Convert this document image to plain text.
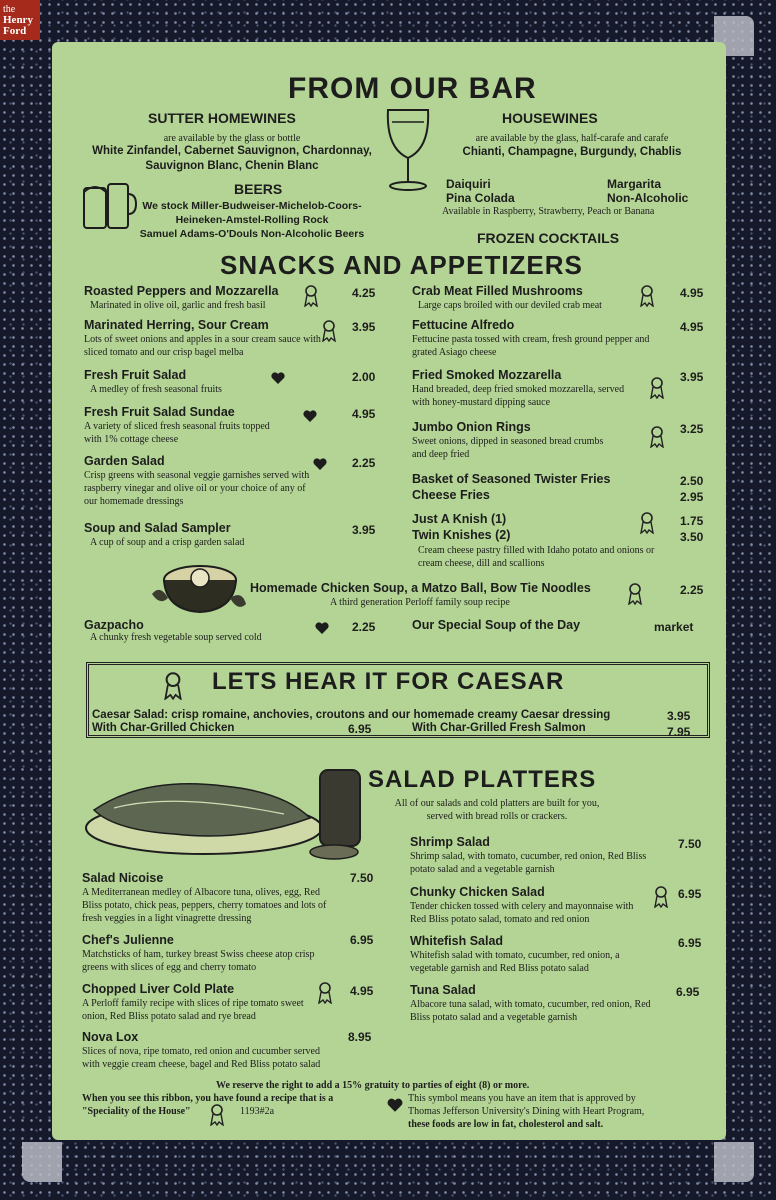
the
Henry
Ford
FROM OUR BAR
SUTTER HOMEWINES
are available by the glass or bottle
White Zinfandel, Cabernet Sauvignon, Chardonnay,
Sauvignon Blanc, Chenin Blanc
HOUSEWINES
are available by the glass, half-carafe and carafe
Chianti, Champagne, Burgundy, Chablis
BEERS
We stock Miller-Budweiser-Michelob-Coors-
Heineken-Amstel-Rolling Rock
Samuel Adams-O'Douls Non-Alcoholic Beers
Daiquiri	Margarita
Pina Colada	Non-Alcoholic
Available in Raspberry, Strawberry, Peach or Banana
FROZEN COCKTAILS
SNACKS AND APPETIZERS
Roasted Peppers and Mozzarella
Marinated in olive oil, garlic and fresh basil
4.25
Marinated Herring, Sour Cream
Lots of sweet onions and apples in a sour cream sauce with sliced tomato and our crisp bagel melba
3.95
Fresh Fruit Salad
A medley of fresh seasonal fruits
2.00
Fresh Fruit Salad Sundae
A variety of sliced fresh seasonal fruits topped with 1% cottage cheese
4.95
Garden Salad
Crisp greens with seasonal veggie garnishes served with raspberry vinegar and olive oil or your choice of any of our homemade dressings
2.25
Soup and Salad Sampler
A cup of soup and a crisp garden salad
3.95
Crab Meat Filled Mushrooms
Large caps broiled with our deviled crab meat
4.95
Fettucine Alfredo
Fettucine pasta tossed with cream, fresh ground pepper and grated Asiago cheese
4.95
Fried Smoked Mozzarella
Hand breaded, deep fried smoked mozzarella, served with honey-mustard dipping sauce
3.95
Jumbo Onion Rings
Sweet onions, dipped in seasoned bread crumbs and deep fried
3.25
Basket of Seasoned Twister Fries	2.50
Cheese Fries	2.95
Just A Knish (1)	1.75
Twin Knishes (2)	3.50
Cream cheese pastry filled with Idaho potato and onions or cream cheese, dill and scallions
Homemade Chicken Soup, a Matzo Ball, Bow Tie Noodles
A third generation Perloff family soup recipe
2.25
Gazpacho
A chunky fresh vegetable soup served cold
2.25	Our Special Soup of the Day	market
LETS HEAR IT FOR CAESAR
Caesar Salad: crisp romaine, anchovies, croutons and our homemade creamy Caesar dressing	3.95
With Char-Grilled Chicken	6.95	With Char-Grilled Fresh Salmon	7.95
SALAD PLATTERS
All of our salads and cold platters are built for you,
served with bread rolls or crackers.
Salad Nicoise
A Mediterranean medley of Albacore tuna, olives, egg, Red Bliss potato, chick peas, peppers, cherry tomatoes and lots of fresh veggies in a light vinagrette dressing
7.50
Chef's Julienne
Matchsticks of ham, turkey breast Swiss cheese atop crisp greens with slices of egg and cherry tomato
6.95
Chopped Liver Cold Plate
A Perloff family recipe with slices of ripe tomato sweet onion, Red Bliss potato salad and rye bread
4.95
Nova Lox
Slices of nova, ripe tomato, red onion and cucumber served with veggie cream cheese, bagel and Red Bliss potato salad
8.95
Shrimp Salad
Shrimp salad, with tomato, cucumber, red onion, Red Bliss potato salad and a vegetable garnish
7.50
Chunky Chicken Salad
Tender chicken tossed with celery and mayonnaise with Red Bliss potato salad, tomato and red onion
6.95
Whitefish Salad
Whitefish salad with tomato, cucumber, red onion, a vegetable garnish and Red Bliss potato salad
6.95
Tuna Salad
Albacore tuna salad, with tomato, cucumber, red onion, Red Bliss potato salad and a vegetable garnish
6.95
We reserve the right to add a 15% gratuity to parties of eight (8) or more.
When you see this ribbon, you have found a recipe that is a
"Speciality of the House"	1193#2a
This symbol means you have an item that is approved by
Thomas Jefferson University's Dining with Heart Program,
these foods are low in fat, cholesterol and salt.
